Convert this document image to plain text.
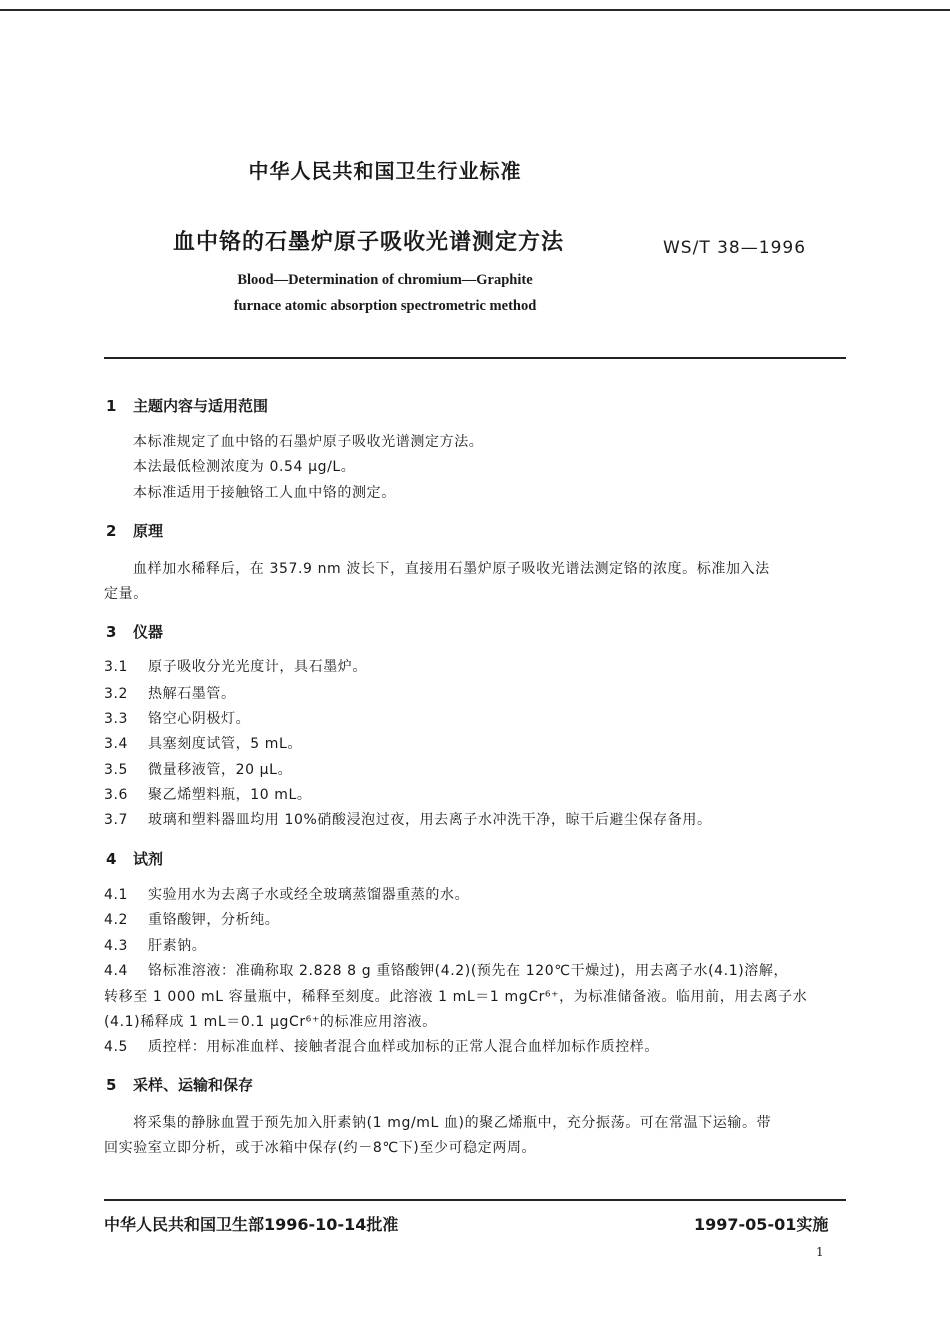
中华人民共和国卫生行业标准
血中铬的石墨炉原子吸收光谱测定方法	WS/T 38—1996
Blood—Determination of chromium—Graphite
furnace atomic absorption spectrometric method
1 主题内容与适用范围
本标准规定了血中铬的石墨炉原子吸收光谱测定方法。
本法最低检测浓度为 0.54 μg/L。
本标准适用于接触铬工人血中铬的测定。
2 原理
血样加水稀释后，在 357.9 nm 波长下，直接用石墨炉原子吸收光谱法测定铬的浓度。标准加入法
定量。
3 仪器
3.1 原子吸收分光光度计，具石墨炉。
3.2 热解石墨管。
3.3 铬空心阴极灯。
3.4 具塞刻度试管，5 mL。
3.5 微量移液管，20 μL。
3.6 聚乙烯塑料瓶，10 mL。
3.7 玻璃和塑料器皿均用 10%硝酸浸泡过夜，用去离子水冲洗干净，晾干后避尘保存备用。
4 试剂
4.1 实验用水为去离子水或经全玻璃蒸馏器重蒸的水。
4.2 重铬酸钾，分析纯。
4.3 肝素钠。
4.4 铬标准溶液：准确称取 2.828 8 g 重铬酸钾(4.2)(预先在 120℃干燥过)，用去离子水(4.1)溶解，
转移至 1 000 mL 容量瓶中，稀释至刻度。此溶液 1 mL＝1 mgCr⁶⁺，为标准储备液。临用前，用去离子水
(4.1)稀释成 1 mL＝0.1 μgCr⁶⁺的标准应用溶液。
4.5 质控样：用标准血样、接触者混合血样或加标的正常人混合血样加标作质控样。
5 采样、运输和保存
将采集的静脉血置于预先加入肝素钠(1 mg/mL 血)的聚乙烯瓶中，充分振荡。可在常温下运输。带
回实验室立即分析，或于冰箱中保存(约－8℃下)至少可稳定两周。
中华人民共和国卫生部1996-10-14批准	1997-05-01实施
1
